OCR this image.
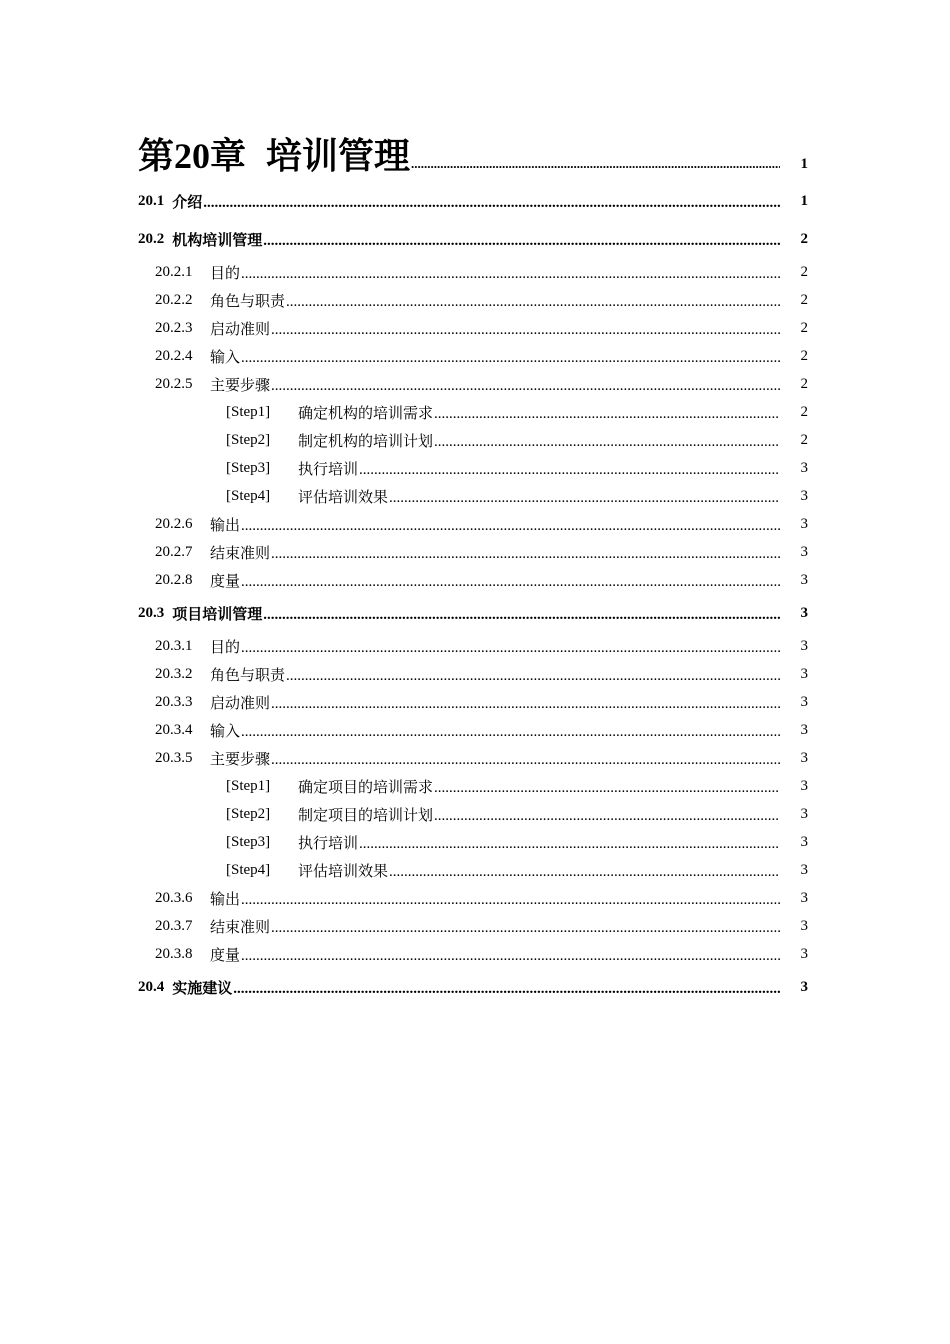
第20章 培训管理 .....	1
20.1 介绍 .....	1
20.2 机构培训管理 .....	2
20.2.1	目的 .....	2
20.2.2	角色与职责 .....	2
20.2.3	启动准则 .....	2
20.2.4	输入 .....	2
20.2.5	主要步骤 .....	2
[Step1]	确定机构的培训需求 .....	2
[Step2]	制定机构的培训计划 .....	2
[Step3]	执行培训 .....	3
[Step4]	评估培训效果 .....	3
20.2.6	输出 .....	3
20.2.7	结束准则 .....	3
20.2.8	度量 .....	3
20.3 项目培训管理 .....	3
20.3.1	目的 .....	3
20.3.2	角色与职责 .....	3
20.3.3	启动准则 .....	3
20.3.4	输入 .....	3
20.3.5	主要步骤 .....	3
[Step1]	确定项目的培训需求 .....	3
[Step2]	制定项目的培训计划 .....	3
[Step3]	执行培训 .....	3
[Step4]	评估培训效果 .....	3
20.3.6	输出 .....	3
20.3.7	结束准则 .....	3
20.3.8	度量 .....	3
20.4 实施建议 .....	3
